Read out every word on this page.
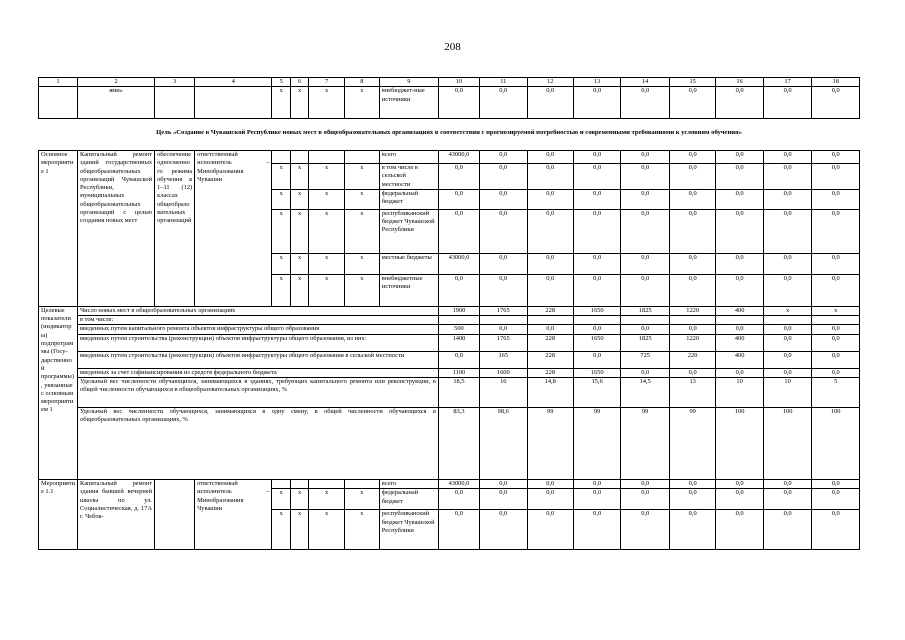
208
1	2	3	4	5	6	7	8	9	10	11	12	13	14	15	16	17	18
	ями»			x	x	x	x	внебюджет-ные источники	0,0	0,0	0,0	0,0	0,0	0,0	0,0	0,0	0,0
Цель «Создание в Чувашской Республике новых мест в общеобразовательных организациях в соответствии с прогнозируемой потребностью и современными требованиями к условиям обучения»
Основное мероприятие 1	Капитальный ремонт зданий государственных общеобразовательных организаций Чувашской Республики, муниципальных общеобразовательных организаций с целью создания новых мест	обеспечение односменного режима обучения в 1–11 (12) классах общеобразовательных организаций	ответственный исполнитель – Минобразования Чувашии					всего	43000,0	0,0	0,0	0,0	0,0	0,0	0,0	0,0	0,0
				x	x	x	x	в том числе в сельской местности	0,0	0,0	0,0	0,0	0,0	0,0	0,0	0,0	0,0
				x	x	x	x	федеральный бюджет	0,0	0,0	0,0	0,0	0,0	0,0	0,0	0,0	0,0
				x	x	x	x	республиканский бюджет Чувашской Республики	0,0	0,0	0,0	0,0	0,0	0,0	0,0	0,0	0,0
				x	x	x	x	местные бюджеты	43000,0	0,0	0,0	0,0	0,0	0,0	0,0	0,0	0,0
				x	x	x	x	внебюджетные источники	0,0	0,0	0,0	0,0	0,0	0,0	0,0	0,0	0,0
Целевые показатели (индикаторы) подпрограммы (Госу-дарственной программы), увязанные с основным мероприятием 1	Число новых мест в общеобразовательных организациях								1900	1765	228	1650	1825	1220	400	x	x
	в том числе:																
	введенных путем капитального ремонта объектов инфраструктуры общего образования								500	0,0	0,0	0,0	0,0	0,0	0,0	0,0	0,0
	введенных путем строительства (реконструкции) объектов инфраструктуры общего образования, из них:								1400	1765	228	1650	1825	1220	400	0,0	0,0
	введенных путем строительства (реконструкции) объектов инфраструктуры общего образования в сельской местности								0,0	165	228	0,0	725	220	400	0,0	0,0
	введенных за счет софинансирования из средств федерального бюджета								1100	1600	228	1650	0,0	0,0	0,0	0,0	0,0
	Удельный вес численности обучающихся, занимающихся в зданиях, требующих капитального ремонта или реконструкции, в общей численности обучающихся в общеобразовательных организациях, %								18,5	16	14,8	15,6	14,5	13	10	10	5
	Удельный вес численности обучающихся, занимающихся в одну смену, в общей численности обучающихся в общеобразовательных организациях, %								83,3	98,6	99	99	99	99	100	100	100
Мероприятие 1.1	Капитальный ремонт здания бывшей вечерней школы по ул. Социалистическая, д. 17А г. Чебок-		ответственный исполнитель – Минобразования Чувашии					всего	43000,0	0,0	0,0	0,0	0,0	0,0	0,0	0,0	0,0
				x	x	x	x	федеральный бюджет	0,0	0,0	0,0	0,0	0,0	0,0	0,0	0,0	0,0
				x	x	x	x	республиканский бюджет Чувашской Республики	0,0	0,0	0,0	0,0	0,0	0,0	0,0	0,0	0,0
